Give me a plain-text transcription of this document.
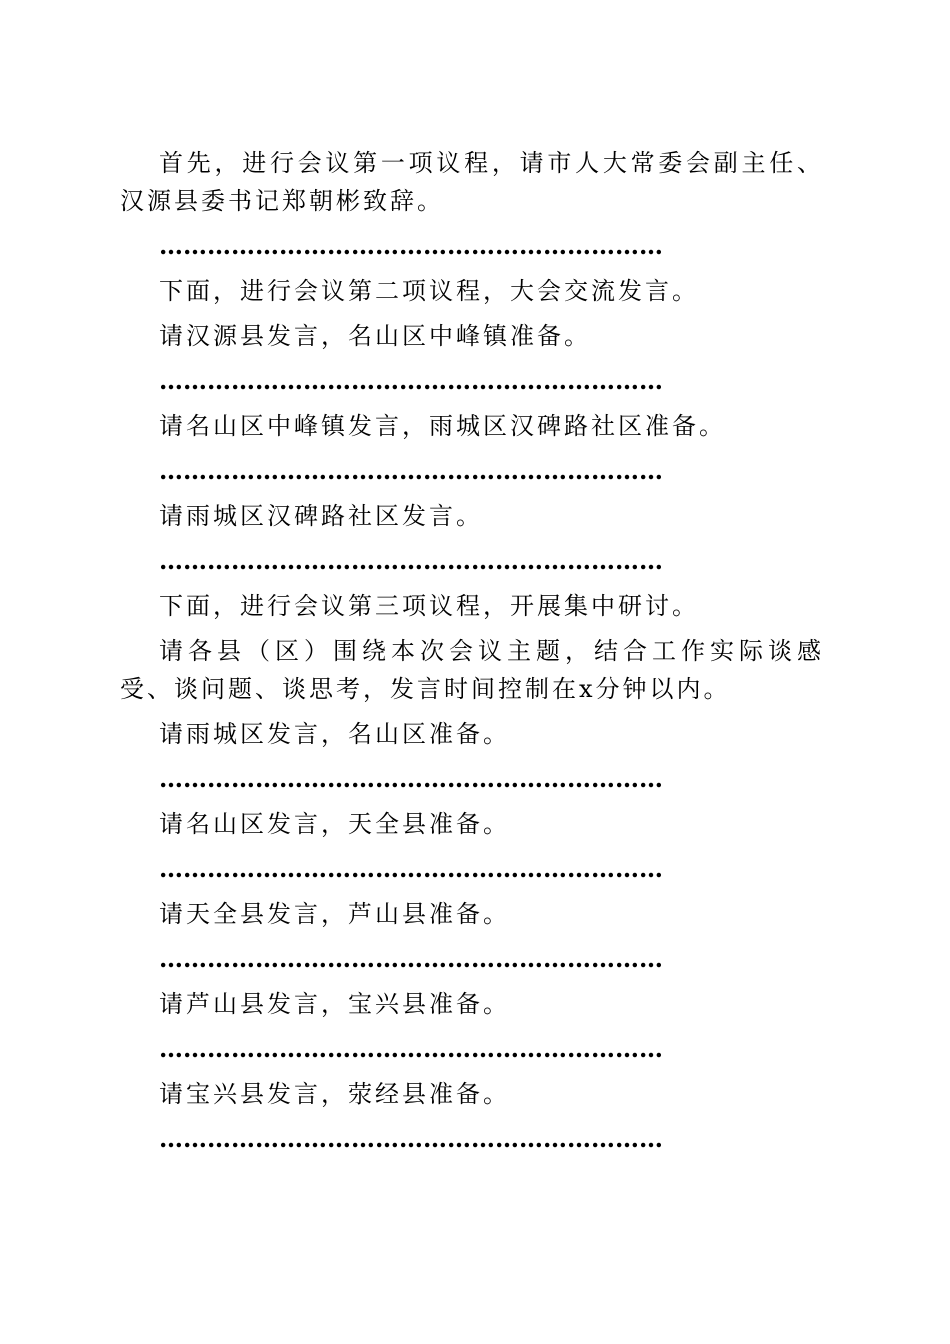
首先，进行会议第一项议程，请市人大常委会副主任、汉源县委书记郑朝彬致辞。

………………………………………………………

下面，进行会议第二项议程，大会交流发言。

请汉源县发言，名山区中峰镇准备。

………………………………………………………

请名山区中峰镇发言，雨城区汉碑路社区准备。

………………………………………………………

请雨城区汉碑路社区发言。

………………………………………………………

下面，进行会议第三项议程，开展集中研讨。

请各县（区）围绕本次会议主题，结合工作实际谈感受、谈问题、谈思考，发言时间控制在x分钟以内。

请雨城区发言，名山区准备。

………………………………………………………

请名山区发言，天全县准备。

………………………………………………………

请天全县发言，芦山县准备。

………………………………………………………

请芦山县发言，宝兴县准备。

………………………………………………………

请宝兴县发言，荥经县准备。

………………………………………………………
